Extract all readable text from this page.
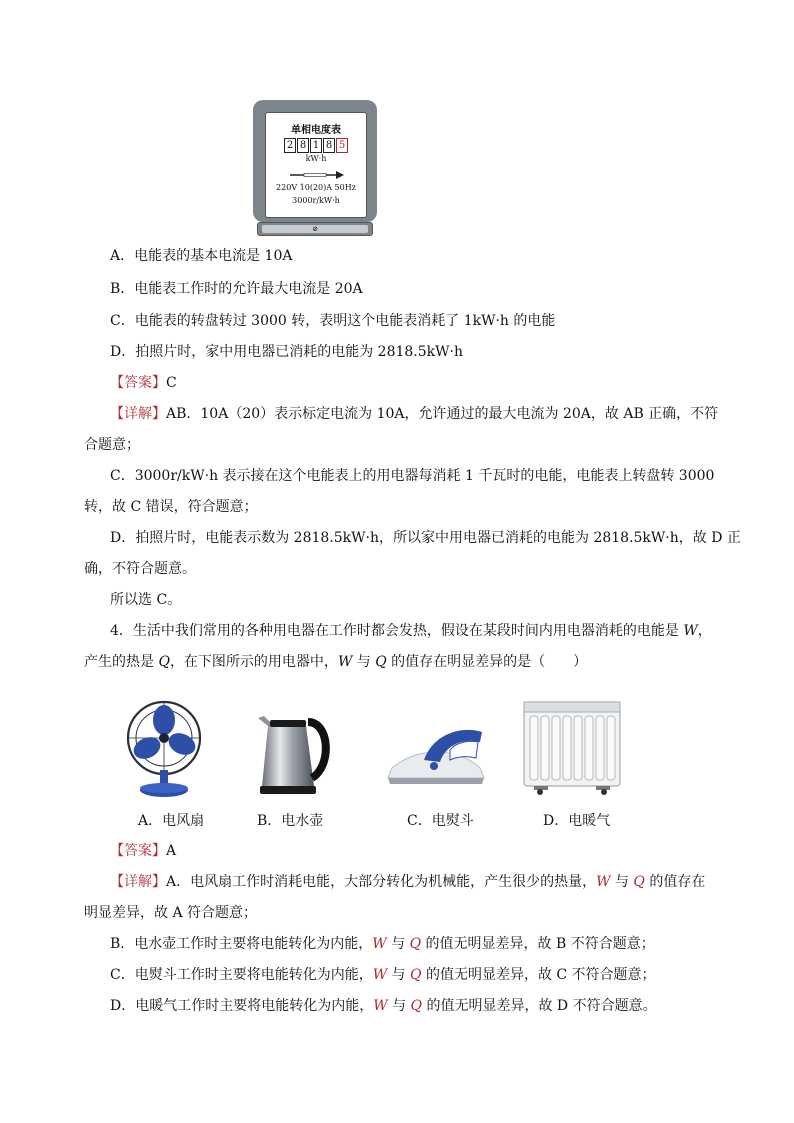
单相电度表
2 8 1 8 5
kW·h
220V 10(20)A 50Hz
3000r/kW·h
⊘
A．电能表的基本电流是 10A
B．电能表工作时的允许最大电流是 20A
C．电能表的转盘转过 3000 转，表明这个电能表消耗了 1kW·h 的电能
D．拍照片时，家中用电器已消耗的电能为 2818.5kW·h
【答案】C
【详解】AB．10A（20）表示标定电流为 10A，允许通过的最大电流为 20A，故 AB 正确，不符
合题意；
C．3000r/kW·h 表示接在这个电能表上的用电器每消耗 1 千瓦时的电能，电能表上转盘转 3000
转，故 C 错误，符合题意；
D．拍照片时，电能表示数为 2818.5kW·h，所以家中用电器已消耗的电能为 2818.5kW·h，故 D 正
确，不符合题意。
所以选 C。
4．生活中我们常用的各种用电器在工作时都会发热，假设在某段时间内用电器消耗的电能是 W，
产生的热是 Q，在下图所示的用电器中，W 与 Q 的值存在明显差异的是（　　）
A．电风扇	B．电水壶	C．电熨斗	D．电暖气
【答案】A
【详解】A．电风扇工作时消耗电能，大部分转化为机械能，产生很少的热量，W 与 Q 的值存在
明显差异，故 A 符合题意；
B．电水壶工作时主要将电能转化为内能，W 与 Q 的值无明显差异，故 B 不符合题意；
C．电熨斗工作时主要将电能转化为内能，W 与 Q 的值无明显差异，故 C 不符合题意；
D．电暖气工作时主要将电能转化为内能，W 与 Q 的值无明显差异，故 D 不符合题意。
